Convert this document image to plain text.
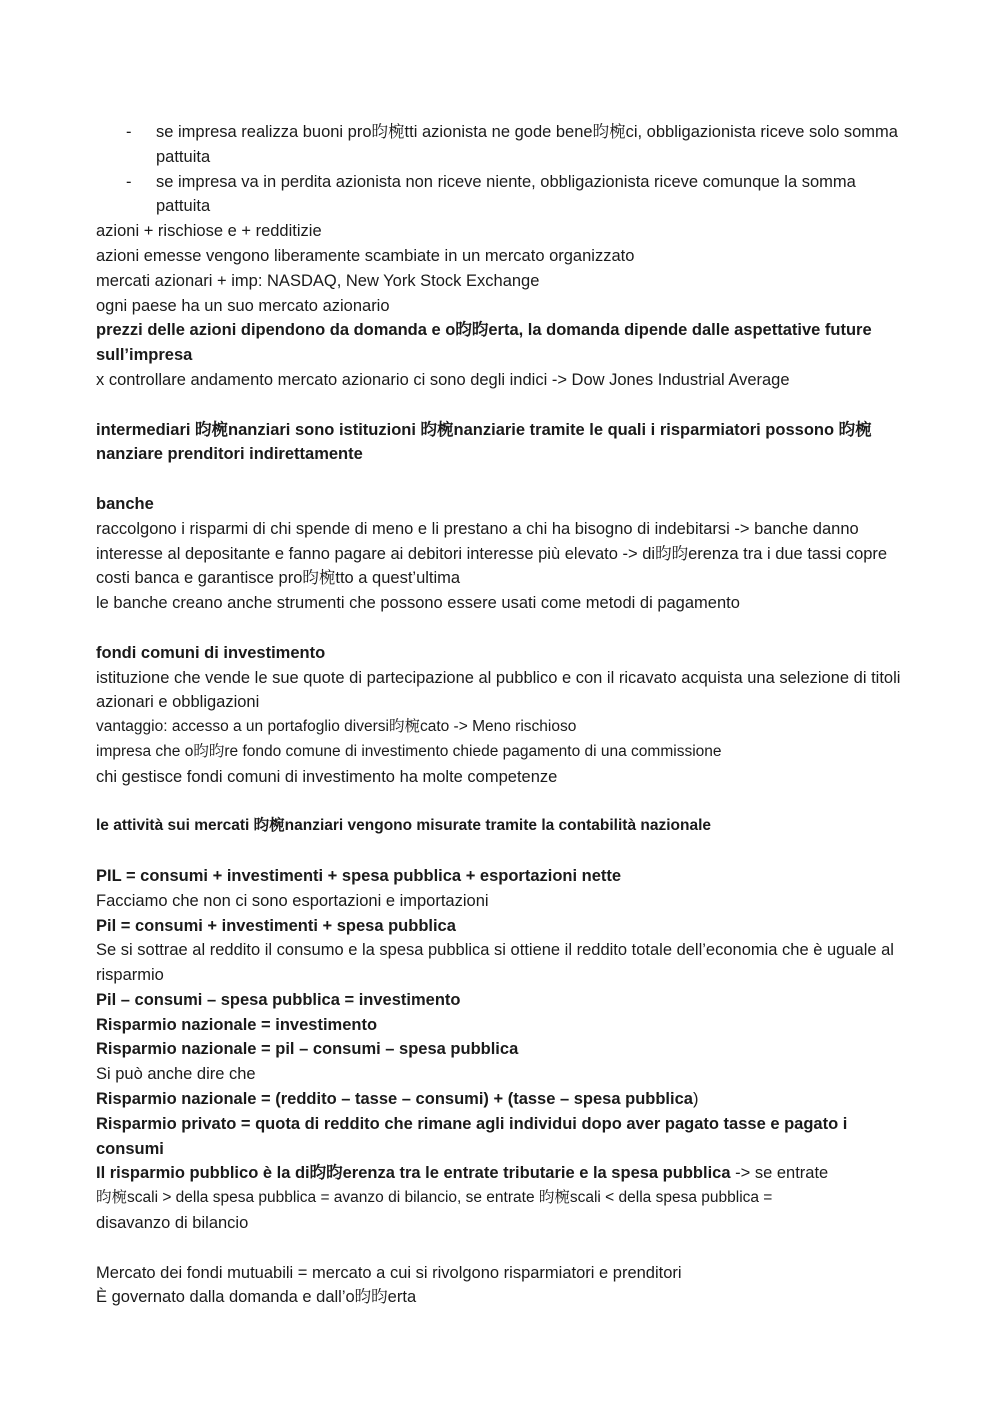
- se impresa realizza buoni pro昀椀tti azionista ne gode bene昀椀ci, obbligazionista riceve solo somma pattuita
- se impresa va in perdita azionista non riceve niente, obbligazionista riceve comunque la somma pattuita
azioni + rischiose e + redditizie
azioni emesse vengono liberamente scambiate in un mercato organizzato
mercati azionari + imp: NASDAQ, New York Stock Exchange
ogni paese ha un suo mercato azionario
prezzi delle azioni dipendono da domanda e o昀昀erta, la domanda dipende dalle aspettative future sull’impresa
x controllare andamento mercato azionario ci sono degli indici -> Dow Jones Industrial Average
intermediari 昀椀nanziari sono istituzioni 昀椀nanziarie tramite le quali i risparmiatori possono 昀椀nanziare prenditori indirettamente
banche
raccolgono i risparmi di chi spende di meno e li prestano a chi ha bisogno di indebitarsi -> banche danno interesse al depositante e fanno pagare ai debitori interesse più elevato -> di昀昀erenza tra i due tassi copre costi banca e garantisce pro昀椀tto a quest’ultima
le banche creano anche strumenti che possono essere usati come metodi di pagamento
fondi comuni di investimento
istituzione che vende le sue quote di partecipazione al pubblico e con il ricavato acquista una selezione di titoli azionari e obbligazioni
vantaggio: accesso a un portafoglio diversi昀椀cato -> Meno rischioso
impresa che o昀昀re fondo comune di investimento chiede pagamento di una commissione
chi gestisce fondi comuni di investimento ha molte competenze
le attività sui mercati 昀椀nanziari vengono misurate tramite la contabilità nazionale
PIL = consumi + investimenti + spesa pubblica + esportazioni nette
Facciamo che non ci sono esportazioni e importazioni
Pil = consumi + investimenti + spesa pubblica
Se si sottrae al reddito il consumo e la spesa pubblica si ottiene il reddito totale dell’economia che è uguale al risparmio
Pil – consumi – spesa pubblica = investimento
Risparmio nazionale = investimento
Risparmio nazionale = pil – consumi – spesa pubblica
Si può anche dire che
Risparmio nazionale = (reddito – tasse – consumi) + (tasse – spesa pubblica)
Risparmio privato = quota di reddito che rimane agli individui dopo aver pagato tasse e pagato i consumi
Il risparmio pubblico è la di昀昀erenza tra le entrate tributarie e la spesa pubblica -> se entrate
昀椀scali > della spesa pubblica = avanzo di bilancio, se entrate 昀椀scali < della spesa pubblica =
disavanzo di bilancio
Mercato dei fondi mutuabili = mercato a cui si rivolgono risparmiatori e prenditori
È governato dalla domanda e dall’o昀昀erta
